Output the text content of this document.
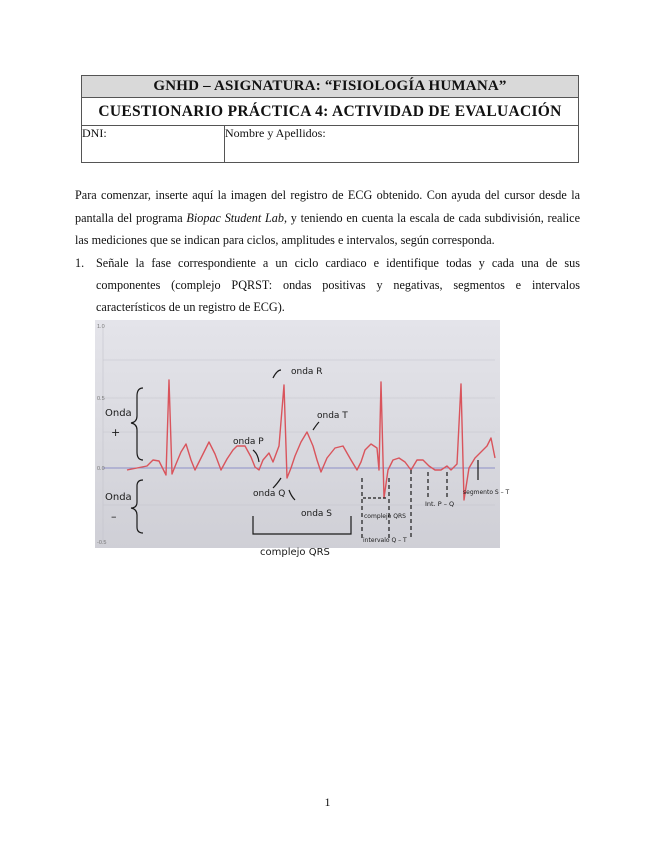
GNHD – ASIGNATURA: “FISIOLOGÍA HUMANA”
CUESTIONARIO PRÁCTICA 4: ACTIVIDAD DE EVALUACIÓN
DNI:	Nombre y Apellidos:
Para comenzar, inserte aquí la imagen del registro de ECG obtenido. Con ayuda del cursor desde la pantalla del programa Biopac Student Lab, y teniendo en cuenta la escala de cada subdivisión, realice las mediciones que se indican para ciclos, amplitudes e intervalos, según corresponda.
1. Señale la fase correspondiente a un ciclo cardiaco e identifique todas y cada una de sus componentes (complejo PQRST: ondas positivas y negativas, segmentos e intervalos característicos de un registro de ECG).
1.0
0.5
0.0
-0.5
onda R
onda T
onda P
onda Q
onda S
Onda
+
Onda
–	complejo QRS
intervalo Q – T
Int. P – Q
segmento S – T
complejo QRS
1
